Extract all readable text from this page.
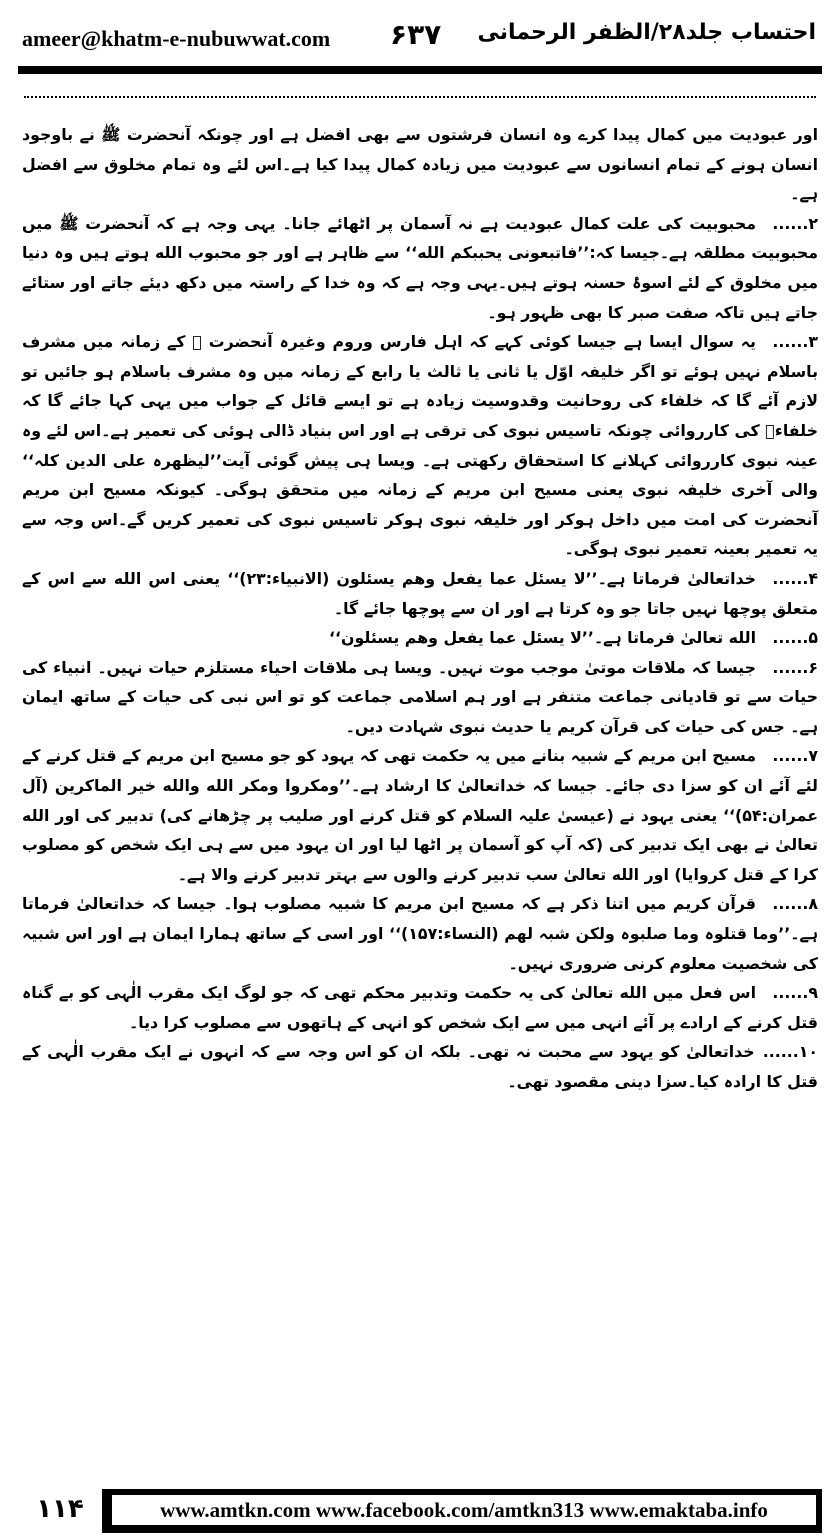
ameer@khatm-e-nubuwwat.com ۶۳۷ احتساب جلد۲۸/الظفر الرحمانی

اور عبودیت میں کمال پیدا کرے وہ انسان فرشتوں سے بھی افضل ہے اور چونکہ آنحضرت ﷺ نے باوجود انسان ہونے کے تمام انسانوں سے عبودیت میں زیادہ کمال پیدا کیا ہے۔اس لئے وہ تمام مخلوق سے افضل ہے۔

۲......محبوبیت کی علت کمال عبودیت ہے نہ آسمان پر اٹھائے جانا۔ یہی وجہ ہے کہ آنحضرت ﷺ میں محبوبیت مطلقہ ہے۔جیسا کہ:’’فاتبعونی یحببکم الله‘‘ سے ظاہر ہے اور جو محبوب الله ہوتے ہیں وہ دنیا میں مخلوق کے لئے اسوۂ حسنہ ہوتے ہیں۔یہی وجہ ہے کہ وہ خدا کے راستہ میں دکھ دیئے جاتے اور ستائے جاتے ہیں تاکہ صفت صبر کا بھی ظہور ہو۔

۳......یہ سوال ایسا ہے جیسا کوئی کہے کہ اہل فارس وروم وغیرہ آنحضرت ﷺ کے زمانہ میں مشرف باسلام نہیں ہوئے تو اگر خلیفہ اوّل یا ثانی یا ثالث یا رابع کے زمانہ میں وہ مشرف باسلام ہو جائیں تو لازم آئے گا کہ خلفاء کی روحانیت وقدوسیت زیادہ ہے تو ایسے قائل کے جواب میں یہی کہا جائے گا کہ خلفاءؓ کی کارروائی چونکہ تاسیس نبوی کی ترقی ہے اور اس بنیاد ڈالی ہوئی کی تعمیر ہے۔اس لئے وہ عینہ نبوی کارروائی کہلانے کا استحقاق رکھتی ہے۔ ویسا ہی پیش گوئی آیت’’لیظھرہ علی الدین کلہ‘‘ والی آخری خلیفہ نبوی یعنی مسیح ابن مریم کے زمانہ میں متحقق ہوگی۔ کیونکہ مسیح ابن مریم آنحضرت کی امت میں داخل ہوکر اور خلیفہ نبوی ہوکر تاسیس نبوی کی تعمیر کریں گے۔اس وجہ سے یہ تعمیر بعینہ تعمیر نبوی ہوگی۔

۴......خداتعالیٰ فرماتا ہے۔’’لا یسئل عما یفعل وھم یسئلون (الانبیاء:۲۳)‘‘ یعنی اس الله سے اس کے متعلق پوچھا نہیں جاتا جو وہ کرتا ہے اور ان سے پوچھا جائے گا۔

۵......الله تعالیٰ فرماتا ہے۔’’لا یسئل عما یفعل وھم یسئلون‘‘

۶......جیسا کہ ملاقات موتیٰ موجب موت نہیں۔ ویسا ہی ملاقات احیاء مستلزم حیات نہیں۔ انبیاء کی حیات سے تو قادیانی جماعت متنفر ہے اور ہم اسلامی جماعت کو تو اس نبی کی حیات کے ساتھ ایمان ہے۔ جس کی حیات کی قرآن کریم یا حدیث نبوی شہادت دیں۔

۷......مسیح ابن مریم کے شبیہ بنانے میں یہ حکمت تھی کہ یہود کو جو مسیح ابن مریم کے قتل کرنے کے لئے آئے ان کو سزا دی جائے۔ جیسا کہ خداتعالیٰ کا ارشاد ہے۔’’ومکروا ومکر الله والله خیر الماکرین (آل عمران:۵۴)‘‘ یعنی یہود نے (عیسیٰ علیہ السلام کو قتل کرنے اور صلیب پر چڑھانے کی) تدبیر کی اور الله تعالیٰ نے بھی ایک تدبیر کی (کہ آپ کو آسمان پر اٹھا لیا اور ان یہود میں سے ہی ایک شخص کو مصلوب کرا کے قتل کروایا) اور الله تعالیٰ سب تدبیر کرنے والوں سے بہتر تدبیر کرنے والا ہے۔

۸......قرآن کریم میں اتنا ذکر ہے کہ مسیح ابن مریم کا شبیہ مصلوب ہوا۔ جیسا کہ خداتعالیٰ فرماتا ہے۔’’وما قتلوہ وما صلبوہ ولکن شبہ لھم (النساء:۱۵۷)‘‘ اور اسی کے ساتھ ہمارا ایمان ہے اور اس شبیہ کی شخصیت معلوم کرنی ضروری نہیں۔

۹......اس فعل میں الله تعالیٰ کی یہ حکمت وتدبیر محکم تھی کہ جو لوگ ایک مقرب الٰہی کو بے گناہ قتل کرنے کے ارادے پر آئے انہی میں سے ایک شخص کو انہی کے ہاتھوں سے مصلوب کرا دیا۔

۱۰......خداتعالیٰ کو یہود سے محبت نہ تھی۔ بلکہ ان کو اس وجہ سے کہ انہوں نے ایک مقرب الٰہی کے قتل کا ارادہ کیا۔سزا دینی مقصود تھی۔

۱۱۴	www.amtkn.com www.facebook.com/amtkn313 www.emaktaba.info
